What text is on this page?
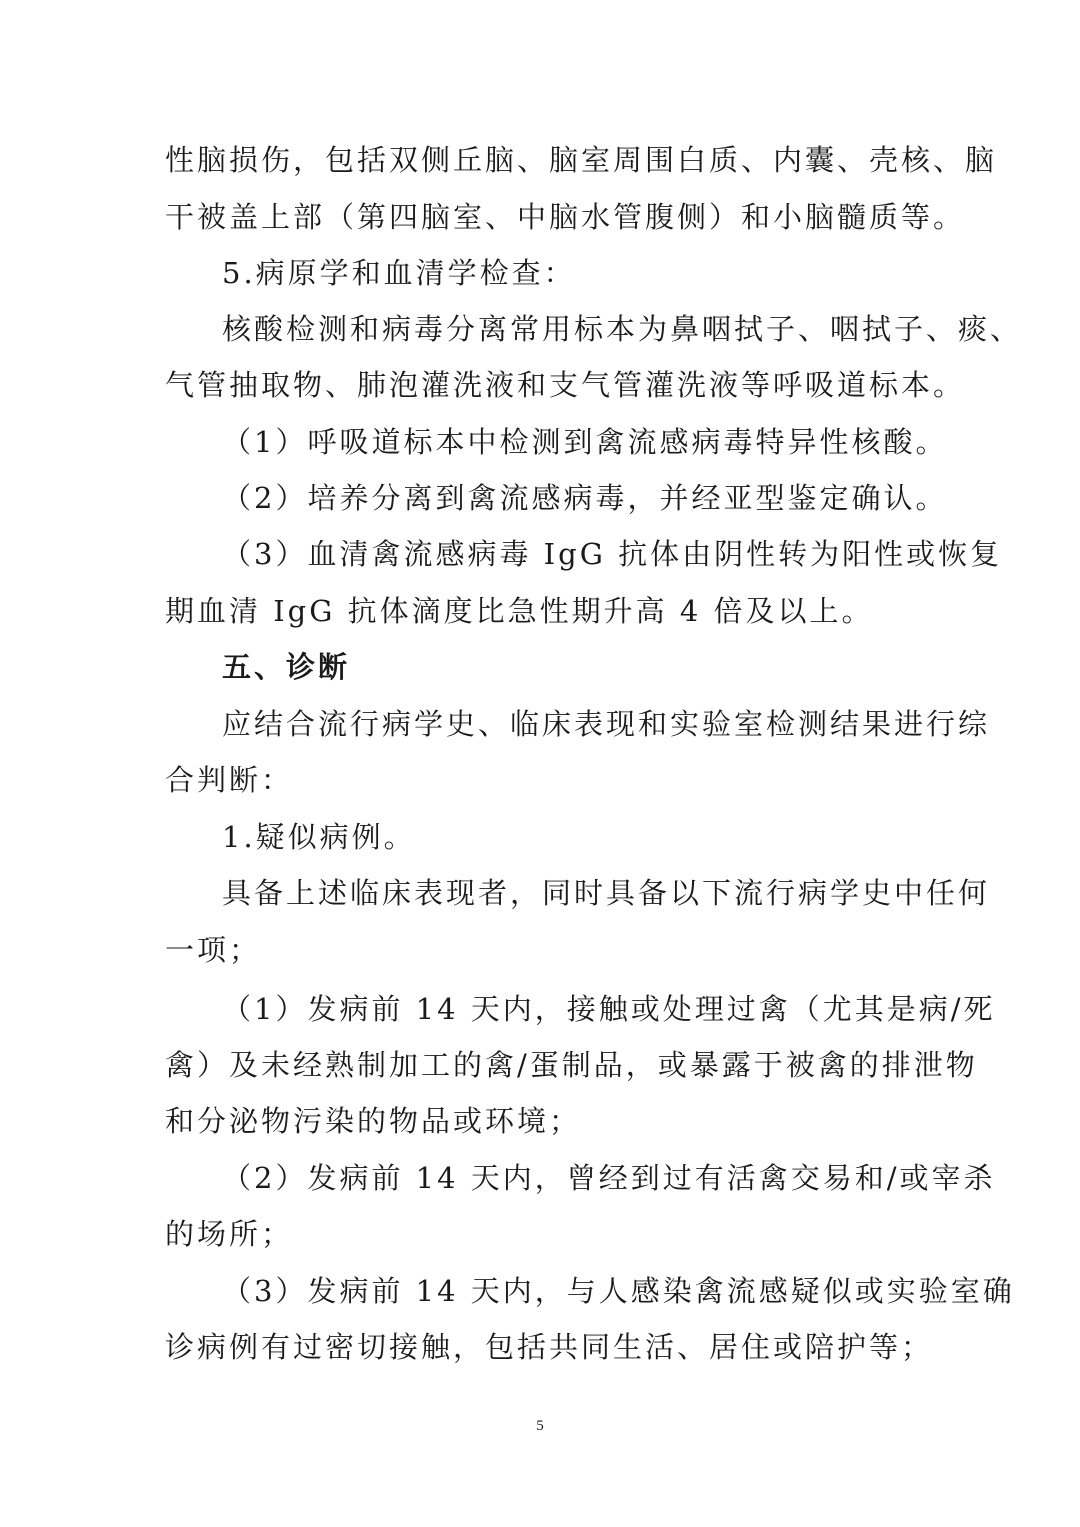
性脑损伤，包括双侧丘脑、脑室周围白质、内囊、壳核、脑
干被盖上部（第四脑室、中脑水管腹侧）和小脑髓质等。
5.病原学和血清学检查：
核酸检测和病毒分离常用标本为鼻咽拭子、咽拭子、痰、
气管抽取物、肺泡灌洗液和支气管灌洗液等呼吸道标本。
（1）呼吸道标本中检测到禽流感病毒特异性核酸。
（2）培养分离到禽流感病毒，并经亚型鉴定确认。
（3）血清禽流感病毒 IgG 抗体由阴性转为阳性或恢复
期血清 IgG 抗体滴度比急性期升高 4 倍及以上。
五、诊断
应结合流行病学史、临床表现和实验室检测结果进行综
合判断：
1.疑似病例。
具备上述临床表现者，同时具备以下流行病学史中任何
一项；
（1）发病前 14 天内，接触或处理过禽（尤其是病/死
禽）及未经熟制加工的禽/蛋制品，或暴露于被禽的排泄物
和分泌物污染的物品或环境；
（2）发病前 14 天内，曾经到过有活禽交易和/或宰杀
的场所；
（3）发病前 14 天内，与人感染禽流感疑似或实验室确
诊病例有过密切接触，包括共同生活、居住或陪护等；
5
